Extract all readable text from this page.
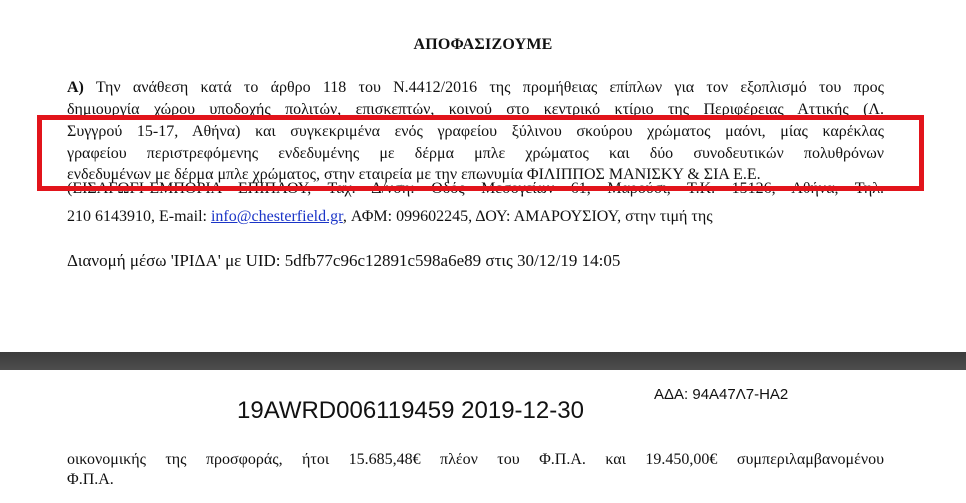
ΑΠΟΦΑΣΙΖΟΥΜΕ
Α) Την ανάθεση κατά το άρθρο 118 του Ν.4412/2016 της προμήθειας επίπλων για τον εξοπλισμό του προς
δημιουργία χώρου υποδοχής πολιτών, επισκεπτών, κοινού στο κεντρικό κτίριο της Περιφέρειας Αττικής (Λ.
Συγγρού 15-17, Αθήνα) και συγκεκριμένα ενός γραφείου ξύλινου σκούρου χρώματος μαόνι, μίας καρέκλας
γραφείου περιστρεφόμενης ενδεδυμένης με δέρμα μπλε χρώματος και δύο συνοδευτικών πολυθρόνων
ενδεδυμένων με δέρμα μπλε χρώματος, στην εταιρεία με την επωνυμία ΦΙΛΙΠΠΟΣ ΜΑΝΙΣΚΥ & ΣΙΑ Ε.Ε.
(ΕΙΣΑΓΩΓΙ-ΕΜΠΟΡΙΑ ΕΠΙΠΛΟΥ, Ταχ. Δ/νση: Οδός Μεσογείων 61, Μαρούσι, Τ.Κ. 15126, Αθήνα, Τηλ.
210 6143910, E-mail: info@chesterfield.gr, ΑΦΜ: 099602245, ΔΟΥ: ΑΜΑΡΟΥΣΙΟΥ, στην τιμή της
Διανομή μέσω 'ΙΡΙΔΑ' με UID: 5dfb77c96c12891c598a6e89 στις 30/12/19 14:05
ΑΔΑ: 94Α47Λ7-ΗΑ2
19AWRD006119459 2019-12-30
οικονομικής της προσφοράς, ήτοι 15.685,48€ πλέον του Φ.Π.Α. και 19.450,00€ συμπεριλαμβανομένου
Φ.Π.Α.
